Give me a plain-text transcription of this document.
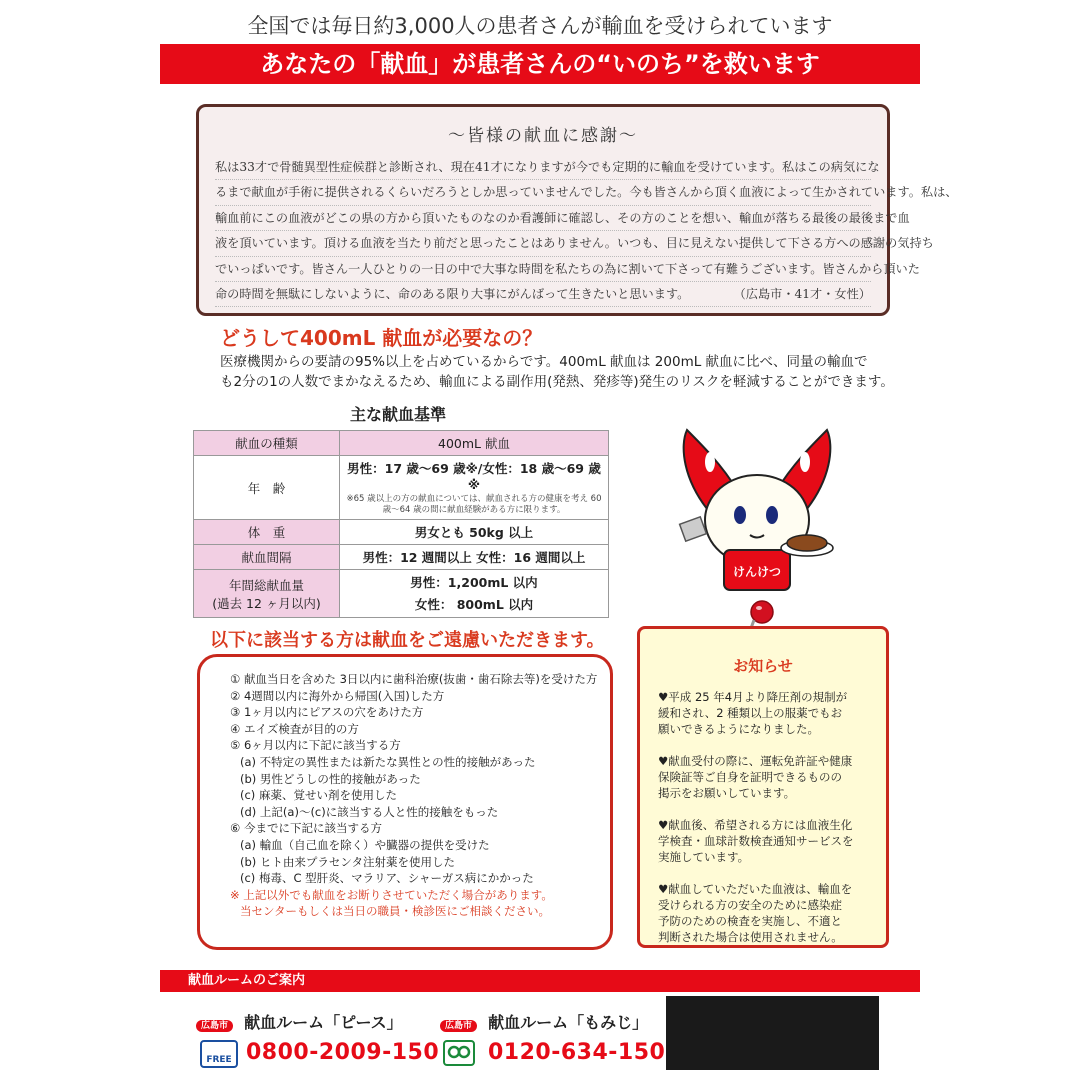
全国では毎日約3,000人の患者さんが輸血を受けられています
あなたの「献血」が患者さんの“いのち”を救います
〜皆様の献血に感謝〜
私は33才で骨髄異型性症候群と診断され、現在41才になりますが今でも定期的に輸血を受けています。私はこの病気にな
るまで献血が手術に提供されるくらいだろうとしか思っていませんでした。今も皆さんから頂く血液によって生かされています。私は、
輸血前にこの血液がどこの県の方から頂いたものなのか看護師に確認し、その方のことを想い、輸血が落ちる最後の最後まで血
液を頂いています。頂ける血液を当たり前だと思ったことはありません。いつも、目に見えない提供して下さる方への感謝の気持ち
でいっぱいです。皆さん一人ひとりの一日の中で大事な時間を私たちの為に割いて下さって有難うございます。皆さんから頂いた
命の時間を無駄にしないように、命のある限り大事にがんばって生きたいと思います。	（広島市・41才・女性）
どうして400mL 献血が必要なの？
医療機関からの要請の95%以上を占めているからです。400mL 献血は 200mL 献血に比べ、同量の輸血で
も2分の1の人数でまかなえるため、輸血による副作用(発熱、発疹等)発生のリスクを軽減することができます。
主な献血基準
献血の種類	400mL 献血
年　齢	男性：17 歳〜69 歳※/女性：18 歳〜69 歳※
※65 歳以上の方の献血については、献血される方の健康を考え 60 歳〜64 歳の間に献血経験がある方に限ります。

体　重	男女とも 50kg 以上
献血間隔	男性：12 週間以上 女性：16 週間以上
年間総献血量
(過去 12 ヶ月以内)	男性：1,200mL 以内
女性： 800mL 以内
けんけつ
以下に該当する方は献血をご遠慮いただきます。
① 献血当日を含めた 3日以内に歯科治療(抜歯・歯石除去等)を受けた方
② 4週間以内に海外から帰国(入国)した方
③ 1ヶ月以内にピアスの穴をあけた方
④ エイズ検査が目的の方
⑤ 6ヶ月以内に下記に該当する方
(a) 不特定の異性または新たな異性との性的接触があった
(b) 男性どうしの性的接触があった
(c) 麻薬、覚せい剤を使用した
(d) 上記(a)〜(c)に該当する人と性的接触をもった
⑥ 今までに下記に該当する方
(a) 輸血（自己血を除く）や臓器の提供を受けた
(b) ヒト由来プラセンタ注射薬を使用した
(c) 梅毒、C 型肝炎、マラリア、シャーガス病にかかった
※ 上記以外でも献血をお断りさせていただく場合があります。
当センターもしくは当日の職員・検診医にご相談ください。
お知らせ
♥平成 25 年4月より降圧剤の規制が
緩和され、2 種類以上の服薬でもお
願いできるようになりました。
♥献血受付の際に、運転免許証や健康
保険証等ご自身を証明できるものの
掲示をお願いしています。
♥献血後、希望される方には血液生化
学検査・血球計数検査通知サービスを
実施しています。
♥献血していただいた血液は、輸血を
受けられる方の安全のために感染症
予防のための検査を実施し、不適と
判断された場合は使用されません。
献血ルームのご案内
広島市 献血ルーム「ピース」
FREE 0800-2009-150
広島市 献血ルーム「もみじ」
0120-634-150
